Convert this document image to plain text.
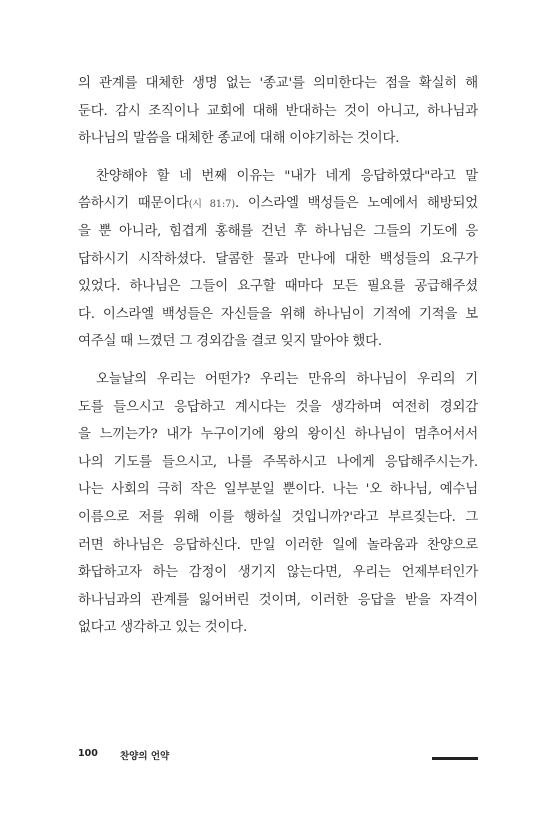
의 관계를 대체한 생명 없는 '종교'를 의미한다는 점을 확실히 해
둔다. 감시 조직이나 교회에 대해 반대하는 것이 아니고, 하나님과
하나님의 말씀을 대체한 종교에 대해 이야기하는 것이다.
찬양해야 할 네 번째 이유는 "내가 네게 응답하였다"라고 말
씀하시기 때문이다(시 81:7). 이스라엘 백성들은 노예에서 해방되었
을 뿐 아니라, 힘겹게 홍해를 건넌 후 하나님은 그들의 기도에 응
답하시기 시작하셨다. 달콤한 물과 만나에 대한 백성들의 요구가
있었다. 하나님은 그들이 요구할 때마다 모든 필요를 공급해주셨
다. 이스라엘 백성들은 자신들을 위해 하나님이 기적에 기적을 보
여주실 때 느꼈던 그 경외감을 결코 잊지 말아야 했다.
오늘날의 우리는 어떤가? 우리는 만유의 하나님이 우리의 기
도를 들으시고 응답하고 계시다는 것을 생각하며 여전히 경외감
을 느끼는가? 내가 누구이기에 왕의 왕이신 하나님이 멈추어서서
나의 기도를 들으시고, 나를 주목하시고 나에게 응답해주시는가.
나는 사회의 극히 작은 일부분일 뿐이다. 나는 '오 하나님, 예수님
이름으로 저를 위해 이를 행하실 것입니까?'라고 부르짖는다. 그
러면 하나님은 응답하신다. 만일 이러한 일에 놀라움과 찬양으로
화답하고자 하는 감정이 생기지 않는다면, 우리는 언제부터인가
하나님과의 관계를 잃어버린 것이며, 이러한 응답을 받을 자격이
없다고 생각하고 있는 것이다.
100 찬양의 언약
